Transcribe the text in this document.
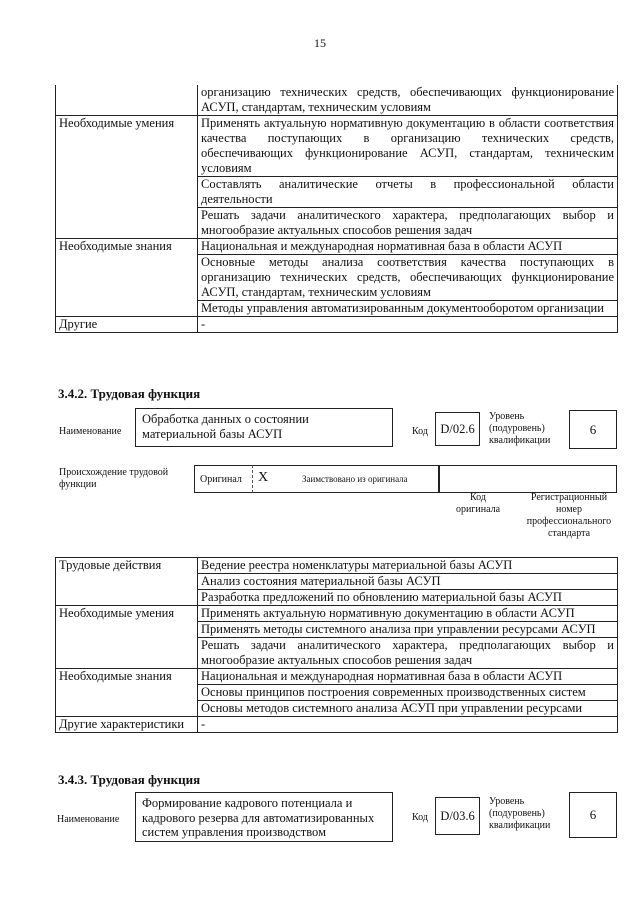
15
	организацию технических средств, обеспечивающих функционирование АСУП, стандартам, техническим условиям
Необходимые умения	Применять актуальную нормативную документацию в области соответствия качества поступающих в организацию технических средств, обеспечивающих функционирование АСУП, стандартам, техническим условиям
	Составлять аналитические отчеты в профессиональной области деятельности
	Решать задачи аналитического характера, предполагающих выбор и многообразие актуальных способов решения задач
Необходимые знания	Национальная и международная нормативная база в области АСУП
	Основные методы анализа соответствия качества поступающих в организацию технических средств, обеспечивающих функционирование АСУП, стандартам, техническим условиям
	Методы управления автоматизированным документооборотом организации
Другие	-
3.4.2. Трудовая функция
Наименование
Обработка данных о состоянии материальной базы АСУП	Код D/02.6
Уровень (подуровень) квалификации
6
Происхождение трудовой функции	Оригинал X	Заимствовано из оригинала
Код оригинала
Регистрационный номер профессионального стандарта
Трудовые действия	Ведение реестра номенклатуры материальной базы АСУП
	Анализ состояния материальной базы АСУП
	Разработка предложений по обновлению материальной базы АСУП
Необходимые умения	Применять актуальную нормативную документацию в области АСУП
	Применять методы системного анализа при управлении ресурсами АСУП
	Решать задачи аналитического характера, предполагающих выбор и многообразие актуальных способов решения задач
Необходимые знания	Национальная и международная нормативная база в области АСУП
	Основы принципов построения современных производственных систем
	Основы методов системного анализа АСУП при управлении ресурсами
Другие характеристики	-
3.4.3. Трудовая функция
Наименование
Формирование кадрового потенциала и кадрового резерва для автоматизированных систем управления производством
Код D/03.6
Уровень (подуровень) квалификации
6
